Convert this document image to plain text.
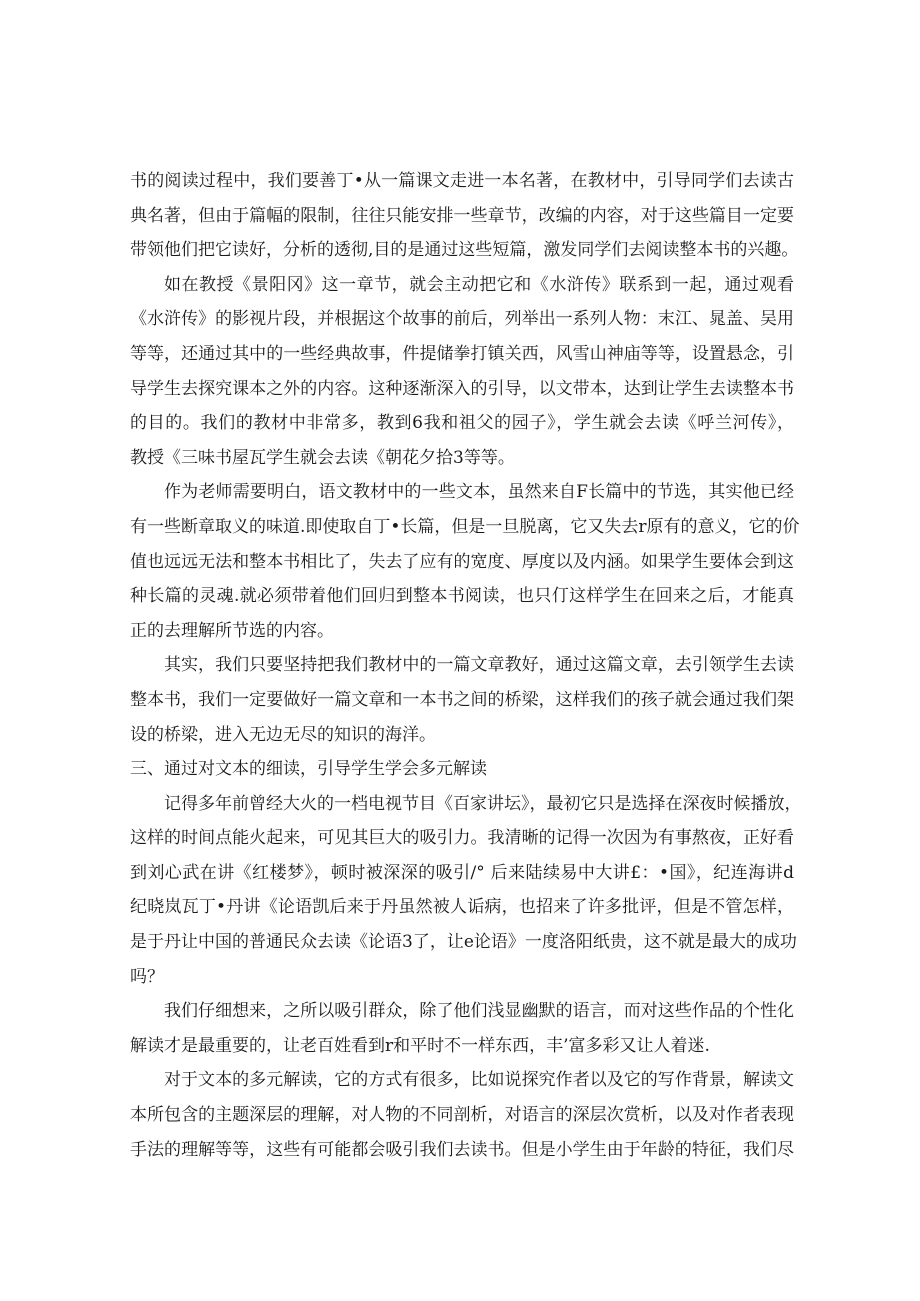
书的阅读过程中，我们要善丁•从一篇课文走进一本名著，在教材中，引导同学们去读古
典名著，但由于篇幅的限制，往往只能安排一些章节，改编的内容，对于这些篇目一定要
带领他们把它读好，分析的透彻,目的是通过这些短篇，激发同学们去阅读整本书的兴趣。
如在教授《景阳冈》这一章节，就会主动把它和《水浒传》联系到一起，通过观看
《水浒传》的影视片段，并根据这个故事的前后，列举出一系列人物：末江、晁盖、吴用
等等，还通过其中的一些经典故事，件提储拳打镇关西，风雪山神庙等等，设置悬念，引
导学生去探究课本之外的内容。这种逐渐深入的引导，以文带本，达到让学生去读整本书
的目的。我们的教材中非常多，教到6我和祖父的园子》，学生就会去读《呼兰河传》，
教授《三味书屋瓦学生就会去读《朝花夕拾3等等。
作为老师需要明白，语文教材中的一些文本，虽然来自F长篇中的节选，其实他已经
有一些断章取义的味道.即使取自丁•长篇，但是一旦脱离，它又失去r原有的意义，它的价
值也远远无法和整本书相比了，失去了应有的宽度、厚度以及内涵。如果学生要体会到这
种长篇的灵魂.就必须带着他们回归到整本书阅读，也只仃这样学生在回来之后，才能真
正的去理解所节选的内容。
其实，我们只要坚持把我们教材中的一篇文章教好，通过这篇文章，去引领学生去读
整本书，我们一定要做好一篇文章和一本书之间的桥梁，这样我们的孩子就会通过我们架
设的桥梁，进入无边无尽的知识的海洋。
三、通过对文本的细读，引导学生学会多元解读
记得多年前曾经大火的一档电视节目《百家讲坛》，最初它只是选择在深夜时候播放，
这样的时间点能火起来，可见其巨大的吸引力。我清晰的记得一次因为有事熬夜，正好看
到刘心武在讲《红楼梦》，顿时被深深的吸引/° 后来陆续易中大讲£：•国》，纪连海讲d
纪晓岚瓦丁•丹讲《论语凯后来于丹虽然被人诟病，也招来了许多批评，但是不管怎样，
是于丹让中国的普通民众去读《论语3了，让e论语》一度洛阳纸贵，这不就是最大的成功
吗？
我们仔细想来，之所以吸引群众，除了他们浅显幽默的语言，而对这些作品的个性化
解读才是最重要的，让老百姓看到r和平时不一样东西，丰’富多彩又让人着迷.
对于文本的多元解读，它的方式有很多，比如说探究作者以及它的写作背景，解读文
本所包含的主题深层的理解，对人物的不同剖析，对语言的深层次赏析，以及对作者表现
手法的理解等等，这些有可能都会吸引我们去读书。但是小学生由于年龄的特征，我们尽
